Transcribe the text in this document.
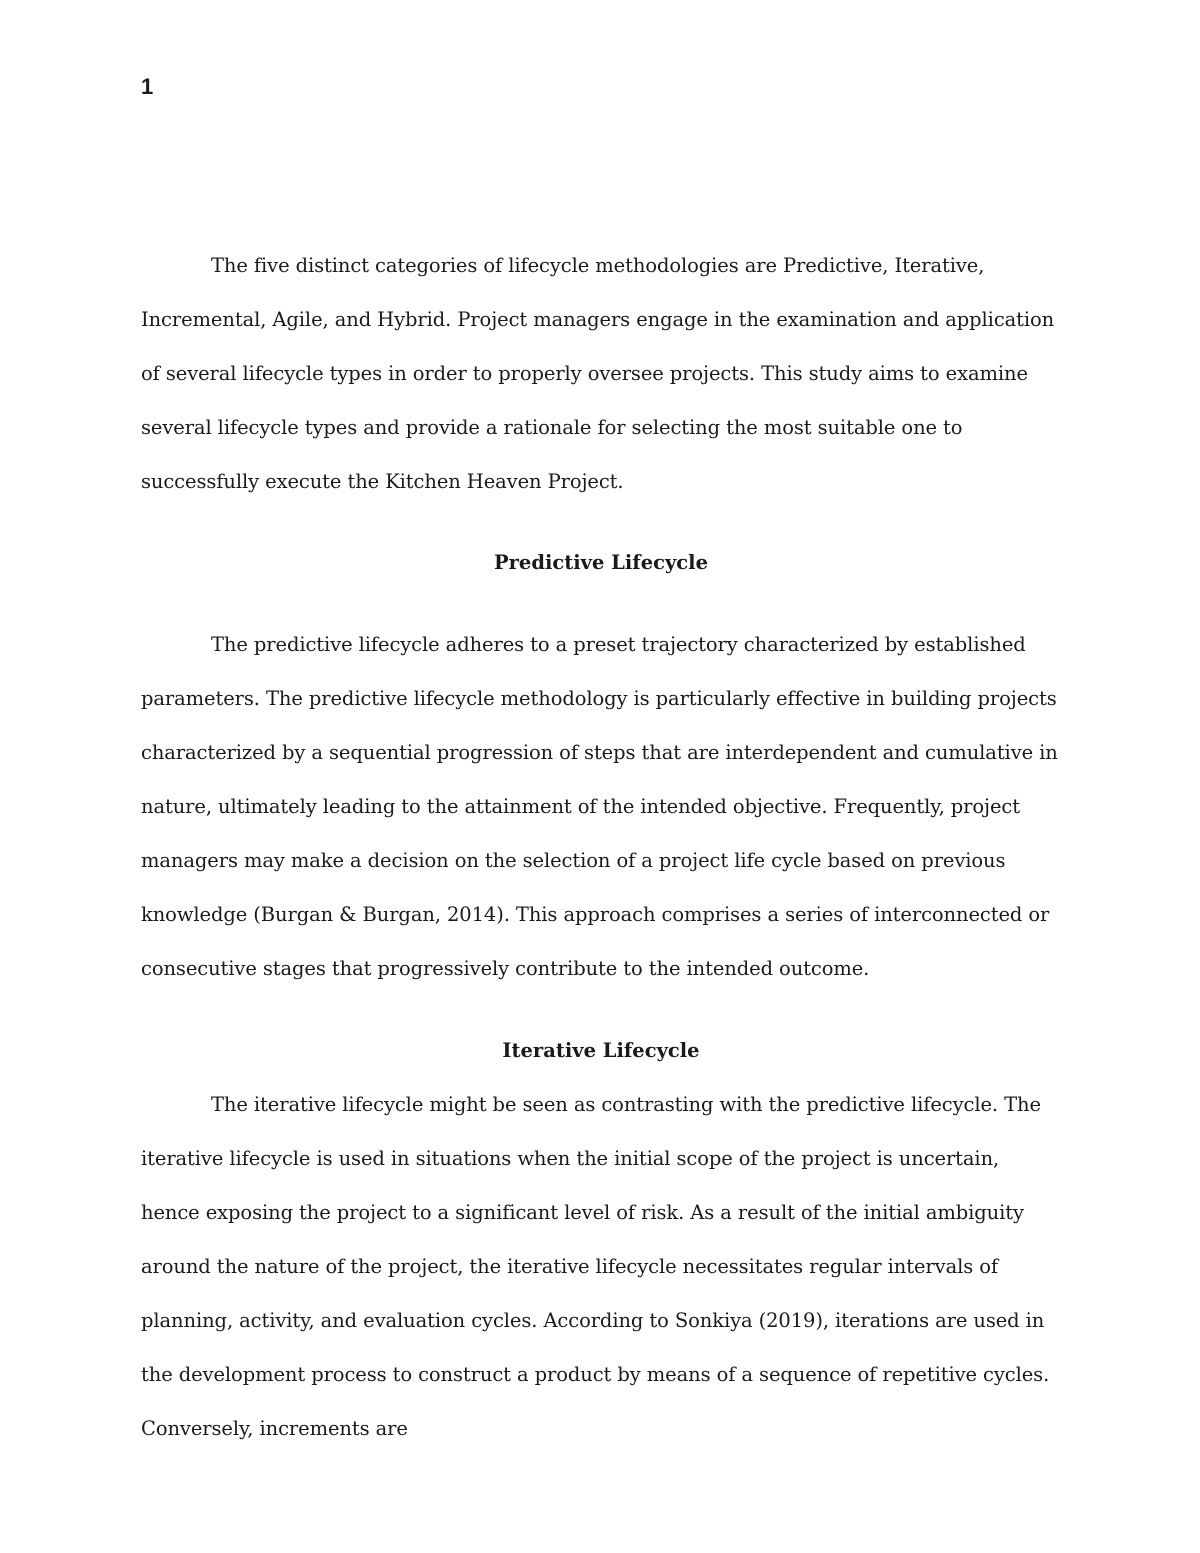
1

The five distinct categories of lifecycle methodologies are Predictive, Iterative, Incremental, Agile, and Hybrid. Project managers engage in the examination and application of several lifecycle types in order to properly oversee projects. This study aims to examine several lifecycle types and provide a rationale for selecting the most suitable one to successfully execute the Kitchen Heaven Project.

Predictive Lifecycle

The predictive lifecycle adheres to a preset trajectory characterized by established parameters. The predictive lifecycle methodology is particularly effective in building projects characterized by a sequential progression of steps that are interdependent and cumulative in nature, ultimately leading to the attainment of the intended objective. Frequently, project managers may make a decision on the selection of a project life cycle based on previous knowledge (Burgan & Burgan, 2014). This approach comprises a series of interconnected or consecutive stages that progressively contribute to the intended outcome.

Iterative Lifecycle

The iterative lifecycle might be seen as contrasting with the predictive lifecycle. The iterative lifecycle is used in situations when the initial scope of the project is uncertain, hence exposing the project to a significant level of risk. As a result of the initial ambiguity around the nature of the project, the iterative lifecycle necessitates regular intervals of planning, activity, and evaluation cycles. According to Sonkiya (2019), iterations are used in the development process to construct a product by means of a sequence of repetitive cycles. Conversely, increments are
